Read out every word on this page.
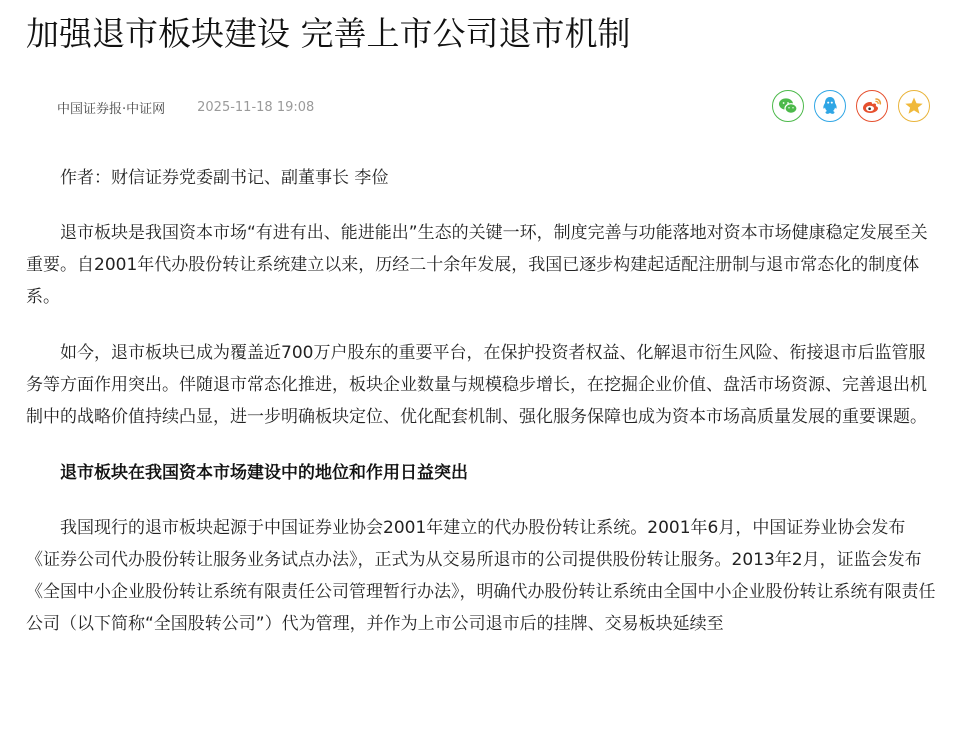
加强退市板块建设 完善上市公司退市机制
中国证券报·中证网 2025-11-18 19:08

作者：财信证券党委副书记、副董事长 李俭

退市板块是我国资本市场“有进有出、能进能出”生态的关键一环，制度完善与功能落地对资本市场健康稳定发展至关重要。自2001年代办股份转让系统建立以来，历经二十余年发展，我国已逐步构建起适配注册制与退市常态化的制度体系。

如今，退市板块已成为覆盖近700万户股东的重要平台，在保护投资者权益、化解退市衍生风险、衔接退市后监管服务等方面作用突出。伴随退市常态化推进，板块企业数量与规模稳步增长，在挖掘企业价值、盘活市场资源、完善退出机制中的战略价值持续凸显，进一步明确板块定位、优化配套机制、强化服务保障也成为资本市场高质量发展的重要课题。

退市板块在我国资本市场建设中的地位和作用日益突出

我国现行的退市板块起源于中国证券业协会2001年建立的代办股份转让系统。2001年6月，中国证券业协会发布《证券公司代办股份转让服务业务试点办法》，正式为从交易所退市的公司提供股份转让服务。2013年2月，证监会发布《全国中小企业股份转让系统有限责任公司管理暂行办法》，明确代办股份转让系统由全国中小企业股份转让系统有限责任公司（以下简称“全国股转公司”）代为管理，并作为上市公司退市后的挂牌、交易板块延续至
